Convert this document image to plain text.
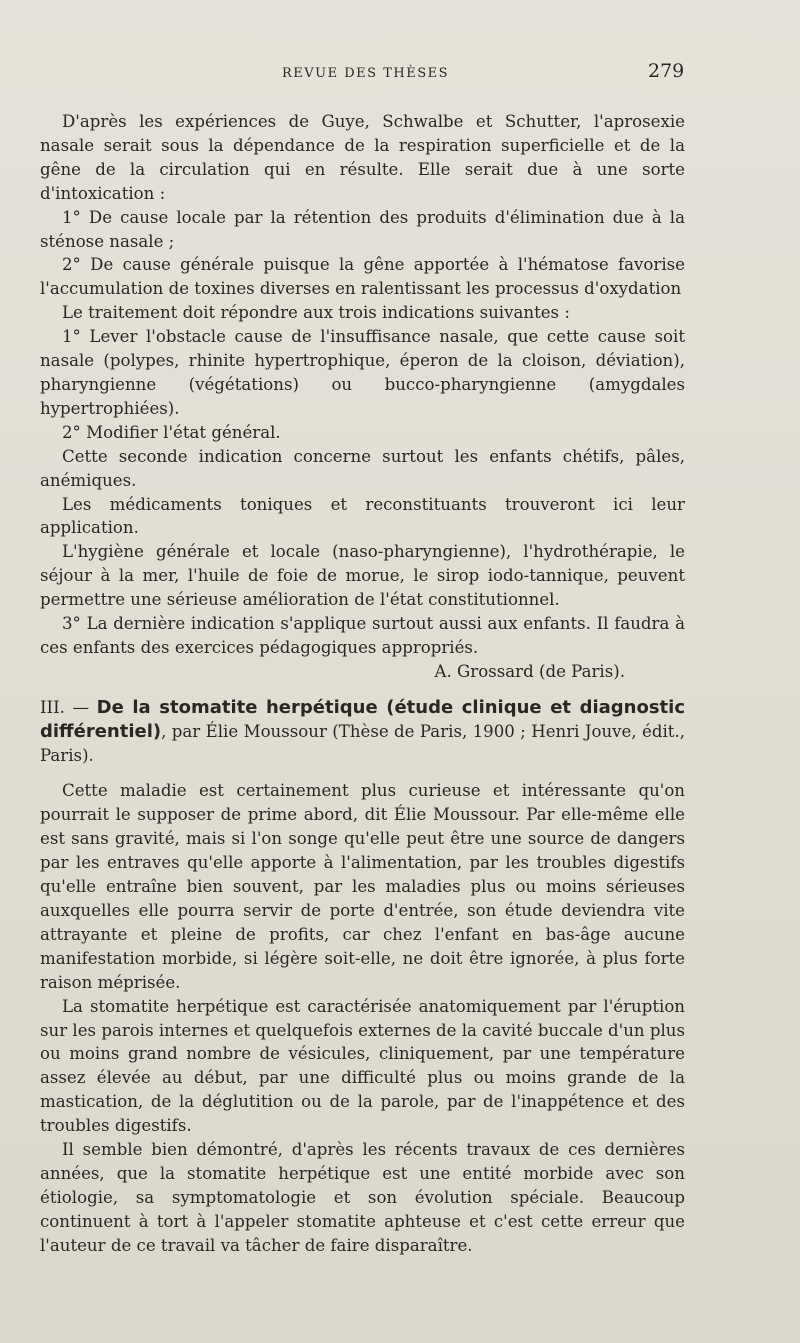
REVUE DES THÈSES	279

D'après les expériences de Guye, Schwalbe et Schutter, l'aprosexie nasale serait sous la dépendance de la respiration superficielle et de la gêne de la circulation qui en résulte. Elle serait due à une sorte d'intoxication :

1° De cause locale par la rétention des produits d'élimination due à la sténose nasale ;

2° De cause générale puisque la gêne apportée à l'hématose favorise l'accumulation de toxines diverses en ralentissant les processus d'oxydation

Le traitement doit répondre aux trois indications suivantes :

1° Lever l'obstacle cause de l'insuffisance nasale, que cette cause soit nasale (polypes, rhinite hypertrophique, éperon de la cloison, déviation), pharyngienne (végétations) ou bucco-pharyngienne (amygdales hypertrophiées).

2° Modifier l'état général.

Cette seconde indication concerne surtout les enfants chétifs, pâles, anémiques.

Les médicaments toniques et reconstituants trouveront ici leur application.

L'hygiène générale et locale (naso-pharyngienne), l'hydrothérapie, le séjour à la mer, l'huile de foie de morue, le sirop iodo-tannique, peuvent permettre une sérieuse amélioration de l'état constitutionnel.

3° La dernière indication s'applique surtout aussi aux enfants. Il faudra à ces enfants des exercices pédagogiques appropriés.

A. Grossard (de Paris).

III. — De la stomatite herpétique (étude clinique et diagnostic différentiel), par Élie Moussour (Thèse de Paris, 1900 ; Henri Jouve, édit., Paris).

Cette maladie est certainement plus curieuse et intéressante qu'on pourrait le supposer de prime abord, dit Élie Moussour. Par elle-même elle est sans gravité, mais si l'on songe qu'elle peut être une source de dangers par les entraves qu'elle apporte à l'alimentation, par les troubles digestifs qu'elle entraîne bien souvent, par les maladies plus ou moins sérieuses auxquelles elle pourra servir de porte d'entrée, son étude deviendra vite attrayante et pleine de profits, car chez l'enfant en bas-âge aucune manifestation morbide, si légère soit-elle, ne doit être ignorée, à plus forte raison méprisée.

La stomatite herpétique est caractérisée anatomiquement par l'éruption sur les parois internes et quelquefois externes de la cavité buccale d'un plus ou moins grand nombre de vésicules, cliniquement, par une température assez élevée au début, par une difficulté plus ou moins grande de la mastication, de la déglutition ou de la parole, par de l'inappétence et des troubles digestifs.

Il semble bien démontré, d'après les récents travaux de ces dernières années, que la stomatite herpétique est une entité morbide avec son étiologie, sa symptomatologie et son évolution spéciale. Beaucoup continuent à tort à l'appeler stomatite aphteuse et c'est cette erreur que l'auteur de ce travail va tâcher de faire disparaître.
